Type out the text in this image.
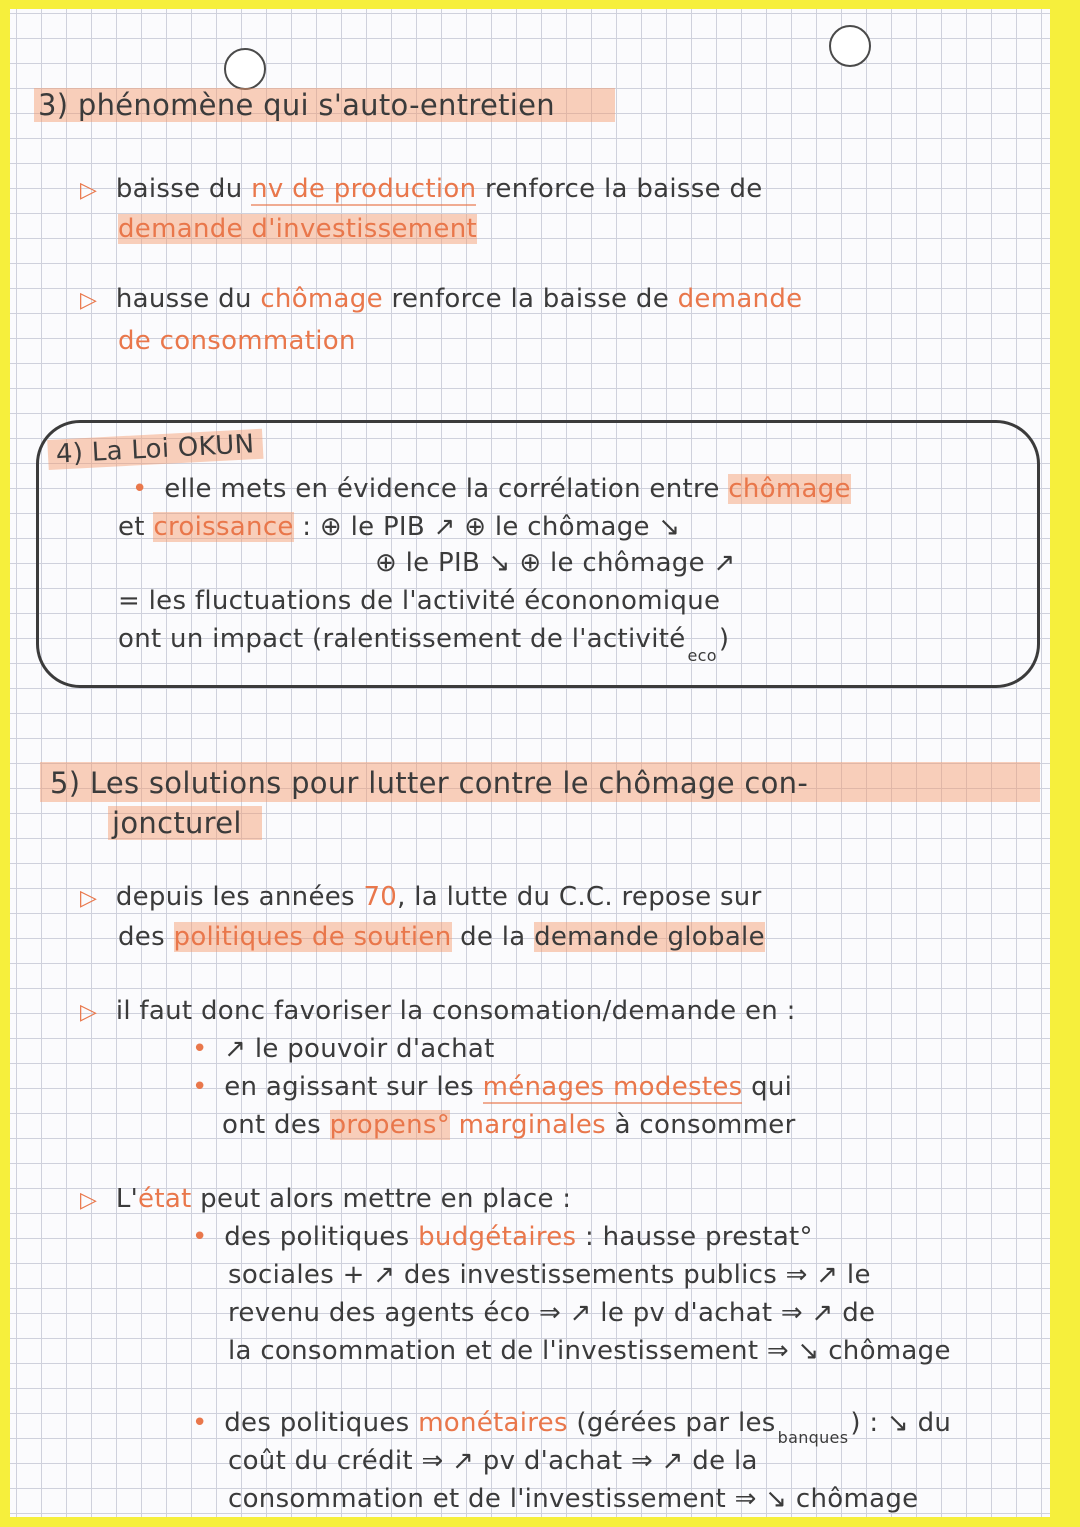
3) phénomène qui s'auto-entretien
▷ baisse du nv de production renforce la baisse de
demande d'investissement
▷ hausse du chômage renforce la baisse de demande
de consommation
4) La Loi OKUN
• elle mets en évidence la corrélation entre chômage
et croissance : ⊕ le PIB ↗ ⊕ le chômage ↘
⊕ le PIB ↘ ⊕ le chômage ↗
= les fluctuations de l'activité écononomique
ont un impact (ralentissement de l'activitéeco)
5) Les solutions pour lutter contre le chômage con-
joncturel
▷ depuis les années 70, la lutte du C.C. repose sur
des politiques de soutien de la demande globale
▷ il faut donc favoriser la consomation/demande en :
• ↗ le pouvoir d'achat
• en agissant sur les ménages modestes qui
ont des propens° marginales à consommer
▷ L'état peut alors mettre en place :
• des politiques budgétaires : hausse prestat°
sociales + ↗ des investissements publics ⇒ ↗ le
revenu des agents éco ⇒ ↗ le pv d'achat ⇒ ↗ de
la consommation et de l'investissement ⇒ ↘ chômage
• des politiques monétaires (gérées par les banques) : ↘ du
coût du crédit ⇒ ↗ pv d'achat ⇒ ↗ de la
consommation et de l'investissement ⇒ ↘ chômage
